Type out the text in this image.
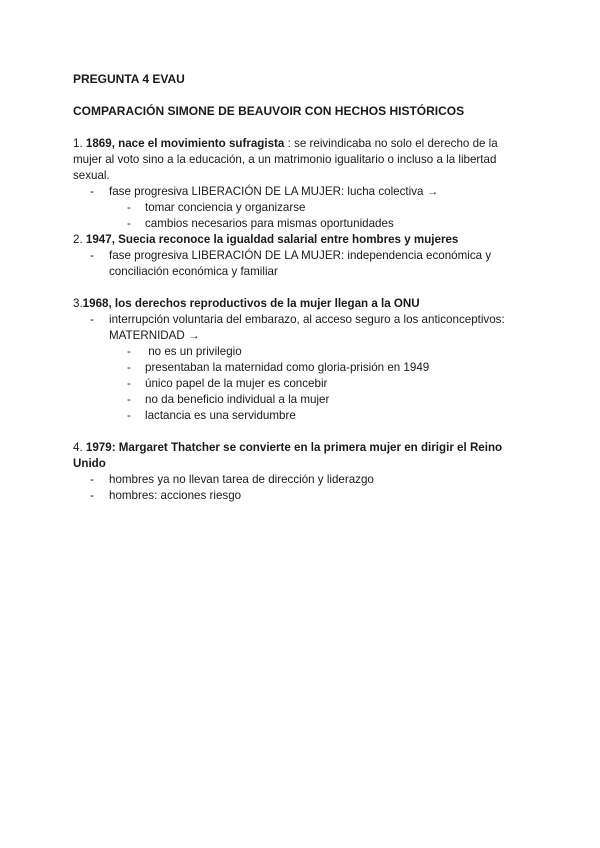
PREGUNTA 4 EVAU
COMPARACIÓN SIMONE DE BEAUVOIR CON HECHOS HISTÓRICOS
1. 1869, nace el movimiento sufragista : se reivindicaba no solo el derecho de la
mujer al voto sino a la educación, a un matrimonio igualitario o incluso a la libertad
sexual.
- fase progresiva LIBERACIÓN DE LA MUJER: lucha colectiva →
- tomar conciencia y organizarse
- cambios necesarios para mismas oportunidades
2. 1947, Suecia reconoce la igualdad salarial entre hombres y mujeres
- fase progresiva LIBERACIÓN DE LA MUJER: independencia económica y
conciliación económica y familiar
3.1968, los derechos reproductivos de la mujer llegan a la ONU
- interrupción voluntaria del embarazo, al acceso seguro a los anticonceptivos:
MATERNIDAD →
- no es un privilegio
- presentaban la maternidad como gloria-prisión en 1949
- único papel de la mujer es concebir
- no da beneficio individual a la mujer
- lactancia es una servidumbre
4. 1979: Margaret Thatcher se convierte en la primera mujer en dirigir el Reino
Unido
- hombres ya no llevan tarea de dirección y liderazgo
- hombres: acciones riesgo
